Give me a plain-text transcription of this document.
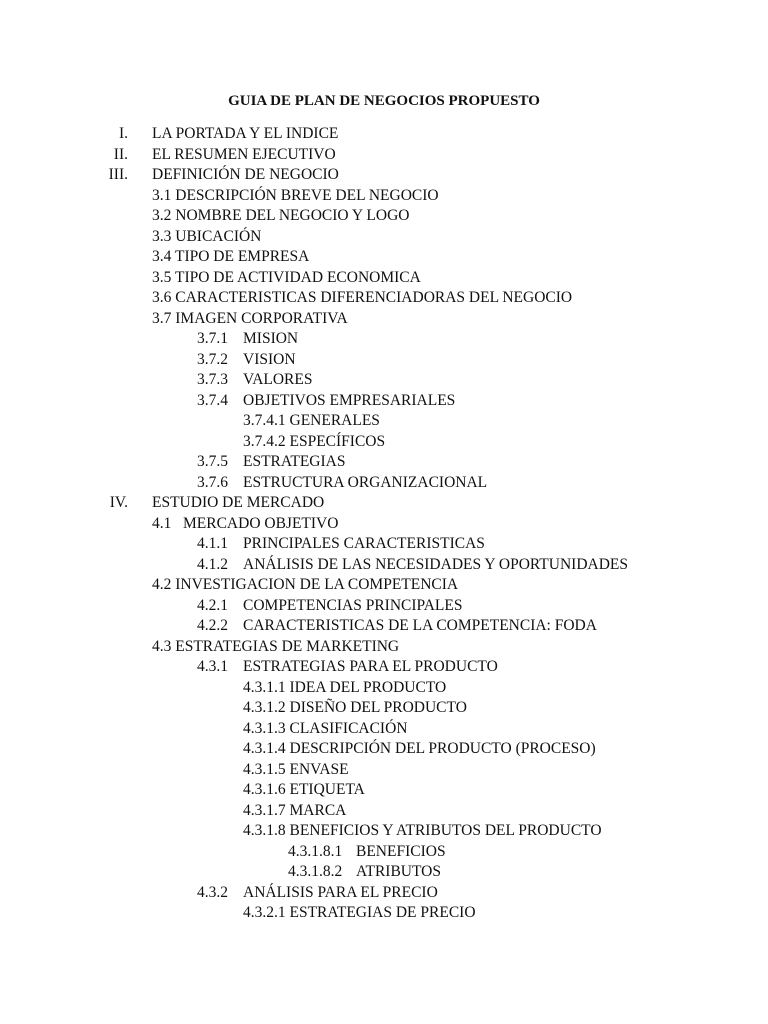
GUIA DE PLAN DE NEGOCIOS PROPUESTO
I. LA PORTADA Y EL INDICE
II. EL RESUMEN EJECUTIVO
III. DEFINICIÓN DE NEGOCIO
3.1 DESCRIPCIÓN BREVE DEL NEGOCIO
3.2 NOMBRE DEL NEGOCIO Y LOGO
3.3 UBICACIÓN
3.4 TIPO DE EMPRESA
3.5 TIPO DE ACTIVIDAD ECONOMICA
3.6 CARACTERISTICAS DIFERENCIADORAS DEL NEGOCIO
3.7 IMAGEN CORPORATIVA
3.7.1 MISION
3.7.2 VISION
3.7.3 VALORES
3.7.4 OBJETIVOS EMPRESARIALES
3.7.4.1 GENERALES
3.7.4.2 ESPECÍFICOS
3.7.5 ESTRATEGIAS
3.7.6 ESTRUCTURA ORGANIZACIONAL
IV. ESTUDIO DE MERCADO
4.1 MERCADO OBJETIVO
4.1.1 PRINCIPALES CARACTERISTICAS
4.1.2 ANÁLISIS DE LAS NECESIDADES Y OPORTUNIDADES
4.2 INVESTIGACION DE LA COMPETENCIA
4.2.1 COMPETENCIAS PRINCIPALES
4.2.2 CARACTERISTICAS DE LA COMPETENCIA: FODA
4.3 ESTRATEGIAS DE MARKETING
4.3.1 ESTRATEGIAS PARA EL PRODUCTO
4.3.1.1 IDEA DEL PRODUCTO
4.3.1.2 DISEÑO DEL PRODUCTO
4.3.1.3 CLASIFICACIÓN
4.3.1.4 DESCRIPCIÓN DEL PRODUCTO (PROCESO)
4.3.1.5 ENVASE
4.3.1.6 ETIQUETA
4.3.1.7 MARCA
4.3.1.8 BENEFICIOS Y ATRIBUTOS DEL PRODUCTO
4.3.1.8.1 BENEFICIOS
4.3.1.8.2 ATRIBUTOS
4.3.2 ANÁLISIS PARA EL PRECIO
4.3.2.1 ESTRATEGIAS DE PRECIO
